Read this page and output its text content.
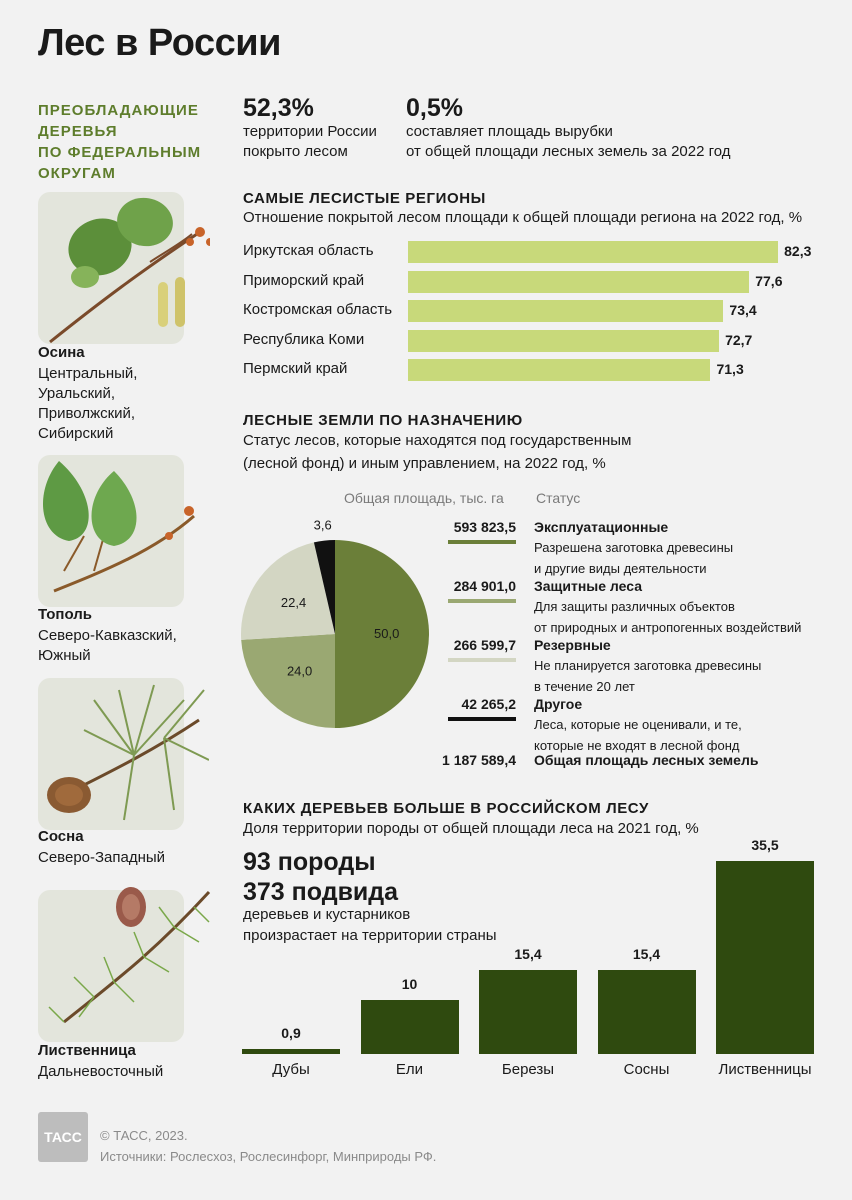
Лес в России
ПРЕОБЛАДАЮЩИЕ
ДЕРЕВЬЯ
ПО ФЕДЕРАЛЬНЫМ
ОКРУГАМ
Осина
Центральный,
Уральский,
Приволжский,
Сибирский
Тополь
Северо-Кавказский,
Южный
Сосна
Северо-Западный
Лиственница
Дальневосточный
52,3%
территории России
покрыто лесом
0,5%
составляет площадь вырубки
от общей площади лесных земель за 2022 год
САМЫЕ ЛЕСИСТЫЕ РЕГИОНЫ
Отношение покрытой лесом площади к общей площади региона на 2022 год, %
Иркутская область	82,3
Приморский край	77,6
Костромская область	73,4
Республика Коми	72,7
Пермский край	71,3
ЛЕСНЫЕ ЗЕМЛИ ПО НАЗНАЧЕНИЮ
Статус лесов, которые находятся под государственным
(лесной фонд) и иным управлением, на 2022 год, %
Общая площадь, тыс. га Статус
50,0
24,0
22,4
3,6	593 823,5 Эксплуатационные
Разрешена заготовка древесины
и другие виды деятельности
284 901,0 Защитные леса
Для защиты различных объектов
от природных и антропогенных воздействий
266 599,7 Резервные
Не планируется заготовка древесины
в течение 20 лет
42 265,2 Другое
Леса, которые не оценивали, и те,
которые не входят в лесной фонд
1 187 589,4 Общая площадь лесных земель
КАКИХ ДЕРЕВЬЕВ БОЛЬШЕ В РОССИЙСКОМ ЛЕСУ
Доля территории породы от общей площади леса на 2021 год, %
93 породы
373 подвида
деревьев и кустарников
произрастает на территории страны
0,9
Дубы
10
Ели
15,4
Березы
15,4
Сосны
35,5
Лиственницы
ТАСС	© ТАСС, 2023.
Источники: Рослесхоз, Рослесинфорг, Минприроды РФ.
